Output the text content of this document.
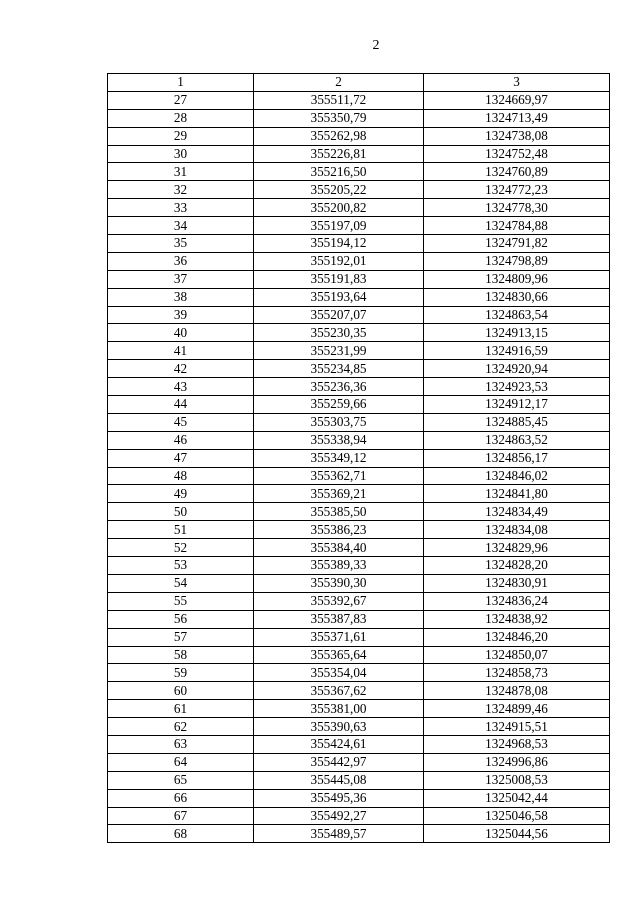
2
1	2	3
27	355511,72	1324669,97
28	355350,79	1324713,49
29	355262,98	1324738,08
30	355226,81	1324752,48
31	355216,50	1324760,89
32	355205,22	1324772,23
33	355200,82	1324778,30
34	355197,09	1324784,88
35	355194,12	1324791,82
36	355192,01	1324798,89
37	355191,83	1324809,96
38	355193,64	1324830,66
39	355207,07	1324863,54
40	355230,35	1324913,15
41	355231,99	1324916,59
42	355234,85	1324920,94
43	355236,36	1324923,53
44	355259,66	1324912,17
45	355303,75	1324885,45
46	355338,94	1324863,52
47	355349,12	1324856,17
48	355362,71	1324846,02
49	355369,21	1324841,80
50	355385,50	1324834,49
51	355386,23	1324834,08
52	355384,40	1324829,96
53	355389,33	1324828,20
54	355390,30	1324830,91
55	355392,67	1324836,24
56	355387,83	1324838,92
57	355371,61	1324846,20
58	355365,64	1324850,07
59	355354,04	1324858,73
60	355367,62	1324878,08
61	355381,00	1324899,46
62	355390,63	1324915,51
63	355424,61	1324968,53
64	355442,97	1324996,86
65	355445,08	1325008,53
66	355495,36	1325042,44
67	355492,27	1325046,58
68	355489,57	1325044,56
